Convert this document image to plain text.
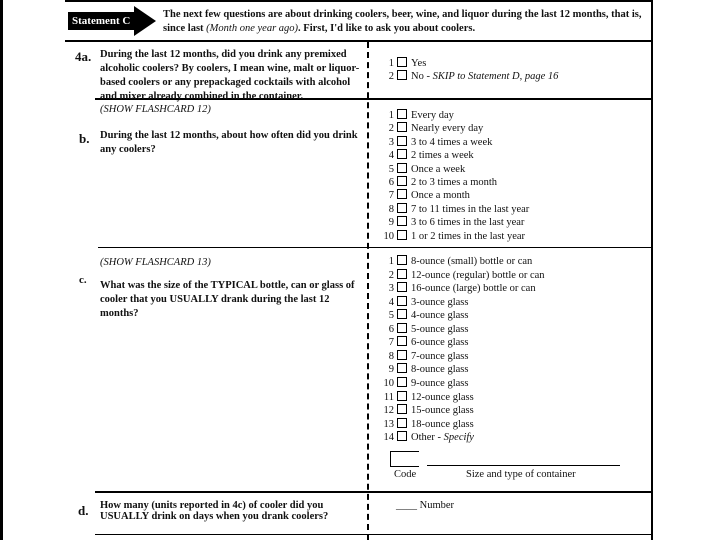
Statement C
The next few questions are about drinking coolers, beer, wine, and liquor during the last 12 months, that is, since last (Month one year ago). First, I'd like to ask you about coolers.
4a. During the last 12 months, did you drink any premixed alcoholic coolers? By coolers, I mean wine, malt or liquor-based coolers or any prepackaged cocktails with alcohol and mixer already combined in the container.
1 Yes
2 No - SKIP to Statement D, page 16
(SHOW FLASHCARD 12)
b. During the last 12 months, about how often did you drink any coolers?
1 Every day
2 Nearly every day
3 3 to 4 times a week
4 2 times a week
5 Once a week
6 2 to 3 times a month
7 Once a month
8 7 to 11 times in the last year
9 3 to 6 times in the last year
10 1 or 2 times in the last year
(SHOW FLASHCARD 13)
c. What was the size of the TYPICAL bottle, can or glass of cooler that you USUALLY drank during the last 12 months?
1 8-ounce (small) bottle or can
2 12-ounce (regular) bottle or can
3 16-ounce (large) bottle or can
4 3-ounce glass
5 4-ounce glass
6 5-ounce glass
7 6-ounce glass
8 7-ounce glass
9 8-ounce glass
10 9-ounce glass
11 12-ounce glass
12 15-ounce glass
13 18-ounce glass
14 Other - Specify
Code	Size and type of container
d. How many (units reported in 4c) of cooler did you USUALLY drink on days when you drank coolers?
____ Number
